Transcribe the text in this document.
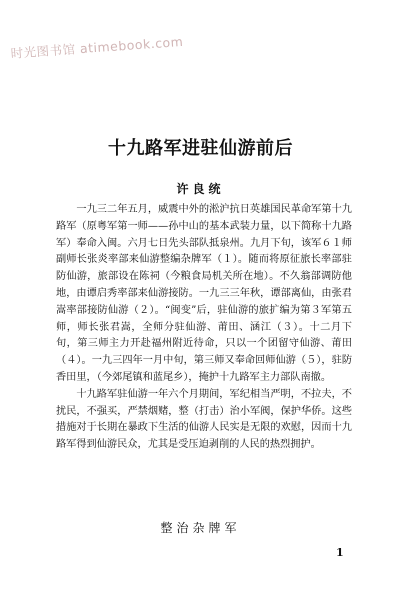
时光图书馆 atimebook.com
十九路军进驻仙游前后
许良统

一九三二年五月，威震中外的淞沪抗日英雄国民革命军第十九路军（原粤军第一师——孙中山的基本武装力量，以下简称十九路军）奉命入闽。六月七日先头部队抵泉州。九月下旬，该军６１师副师长张炎率部来仙游整编杂牌军（１）。随而将原征旅长率部驻防仙游，旅部设在陈祠（今粮食局机关所在地）。不久翁部调防他地，由谭启秀率部来仙游接防。一九三三年秋，谭部离仙，由张君嵩率部接防仙游（２）。“闽变”后，驻仙游的旅扩编为第３军第五师，师长张君嵩，全师分驻仙游、莆田、涵江（３）。十二月下旬，第三师主力开赴福州附近待命，只以一个团留守仙游、莆田（４）。一九三四年一月中旬，第三师又奉命回师仙游（５），驻防香田里，（今郊尾镇和蓝尾乡），掩护十九路军主力部队南撤。

十九路军驻仙游一年六个月期间，军纪相当严明，不拉夫，不扰民，不强买，严禁烟赌，整（打击）治小军阀，保护华侨。这些措施对于长期在暴政下生活的仙游人民实是无限的欢慰，因而十九路军得到仙游民众，尤其是受压迫剥削的人民的热烈拥护。

整治杂牌军
1
